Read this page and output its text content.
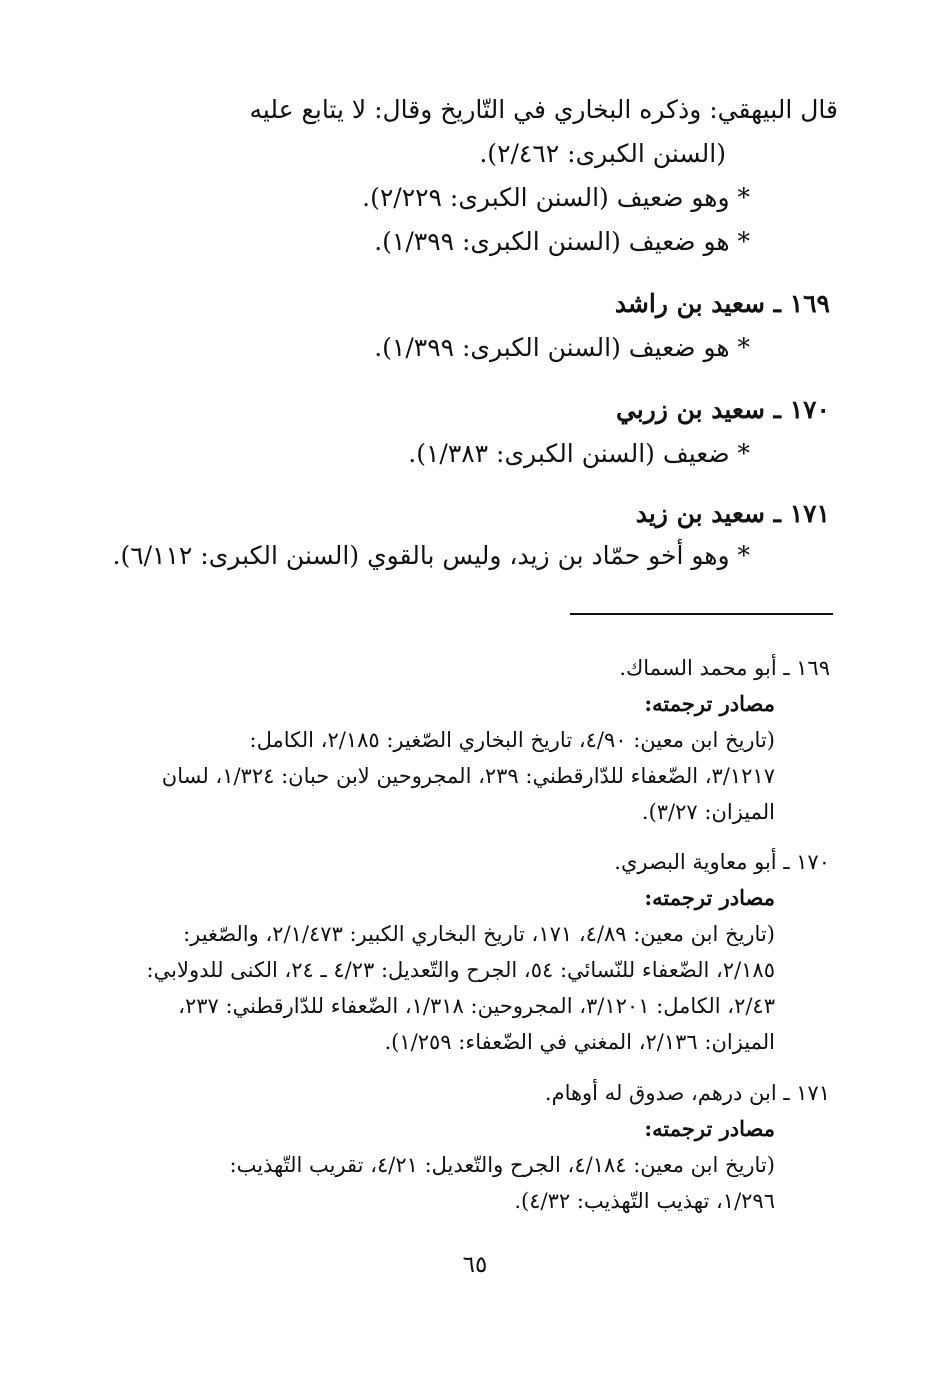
قال البيهقي: وذكره البخاري في التّاريخ وقال: لا يتابع عليه
(السنن الكبرى: ٢/٤٦٢).
* وهو ضعيف (السنن الكبرى: ٢/٢٢٩).
* هو ضعيف (السنن الكبرى: ١/٣٩٩).
١٦٩ ـ سعيد بن راشد
* هو ضعيف (السنن الكبرى: ١/٣٩٩).
١٧٠ ـ سعيد بن زربي
* ضعيف (السنن الكبرى: ١/٣٨٣).
١٧١ ـ سعيد بن زيد
* وهو أخو حمّاد بن زيد، وليس بالقوي (السنن الكبرى: ٦/١١٢).
١٦٩ ـ أبو محمد السماك.
مصادر ترجمته:
(تاريخ ابن معين: ٤/٩٠، تاريخ البخاري الصّغير: ٢/١٨٥، الكامل:
٣/١٢١٧، الضّعفاء للدّارقطني: ٢٣٩، المجروحين لابن حبان: ١/٣٢٤، لسان
الميزان: ٣/٢٧).
١٧٠ ـ أبو معاوية البصري.
مصادر ترجمته:
(تاريخ ابن معين: ٤/٨٩، ١٧١، تاريخ البخاري الكبير: ٢/١/٤٧٣، والصّغير:
٢/١٨٥، الضّعفاء للنّسائي: ٥٤، الجرح والتّعديل: ٤/٢٣ ـ ٢٤، الكنى للدولابي:
٢/٤٣، الكامل: ٣/١٢٠١، المجروحين: ١/٣١٨، الضّعفاء للدّارقطني: ٢٣٧،
الميزان: ٢/١٣٦، المغني في الضّعفاء: ١/٢٥٩).
١٧١ ـ ابن درهم، صدوق له أوهام.
مصادر ترجمته:
(تاريخ ابن معين: ٤/١٨٤، الجرح والتّعديل: ٤/٢١، تقريب التّهذيب:
١/٢٩٦، تهذيب التّهذيب: ٤/٣٢).
٦٥
